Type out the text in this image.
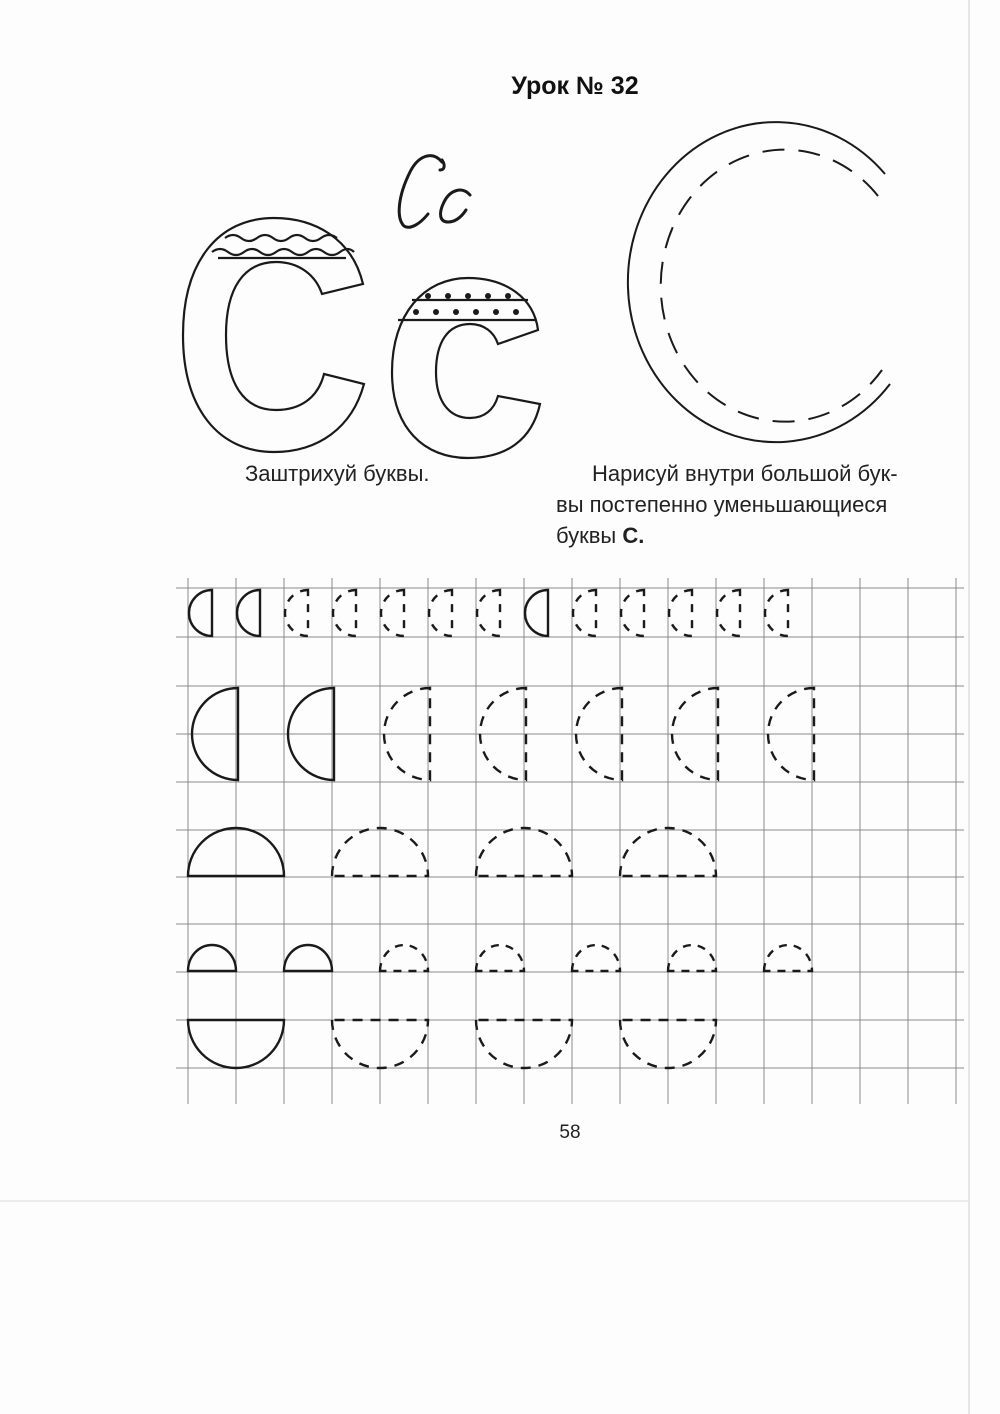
Урок № 32
Заштрихуй буквы.	Нарисуй внутри большой бук-
вы постепенно уменьшающиеся
буквы С.
58
